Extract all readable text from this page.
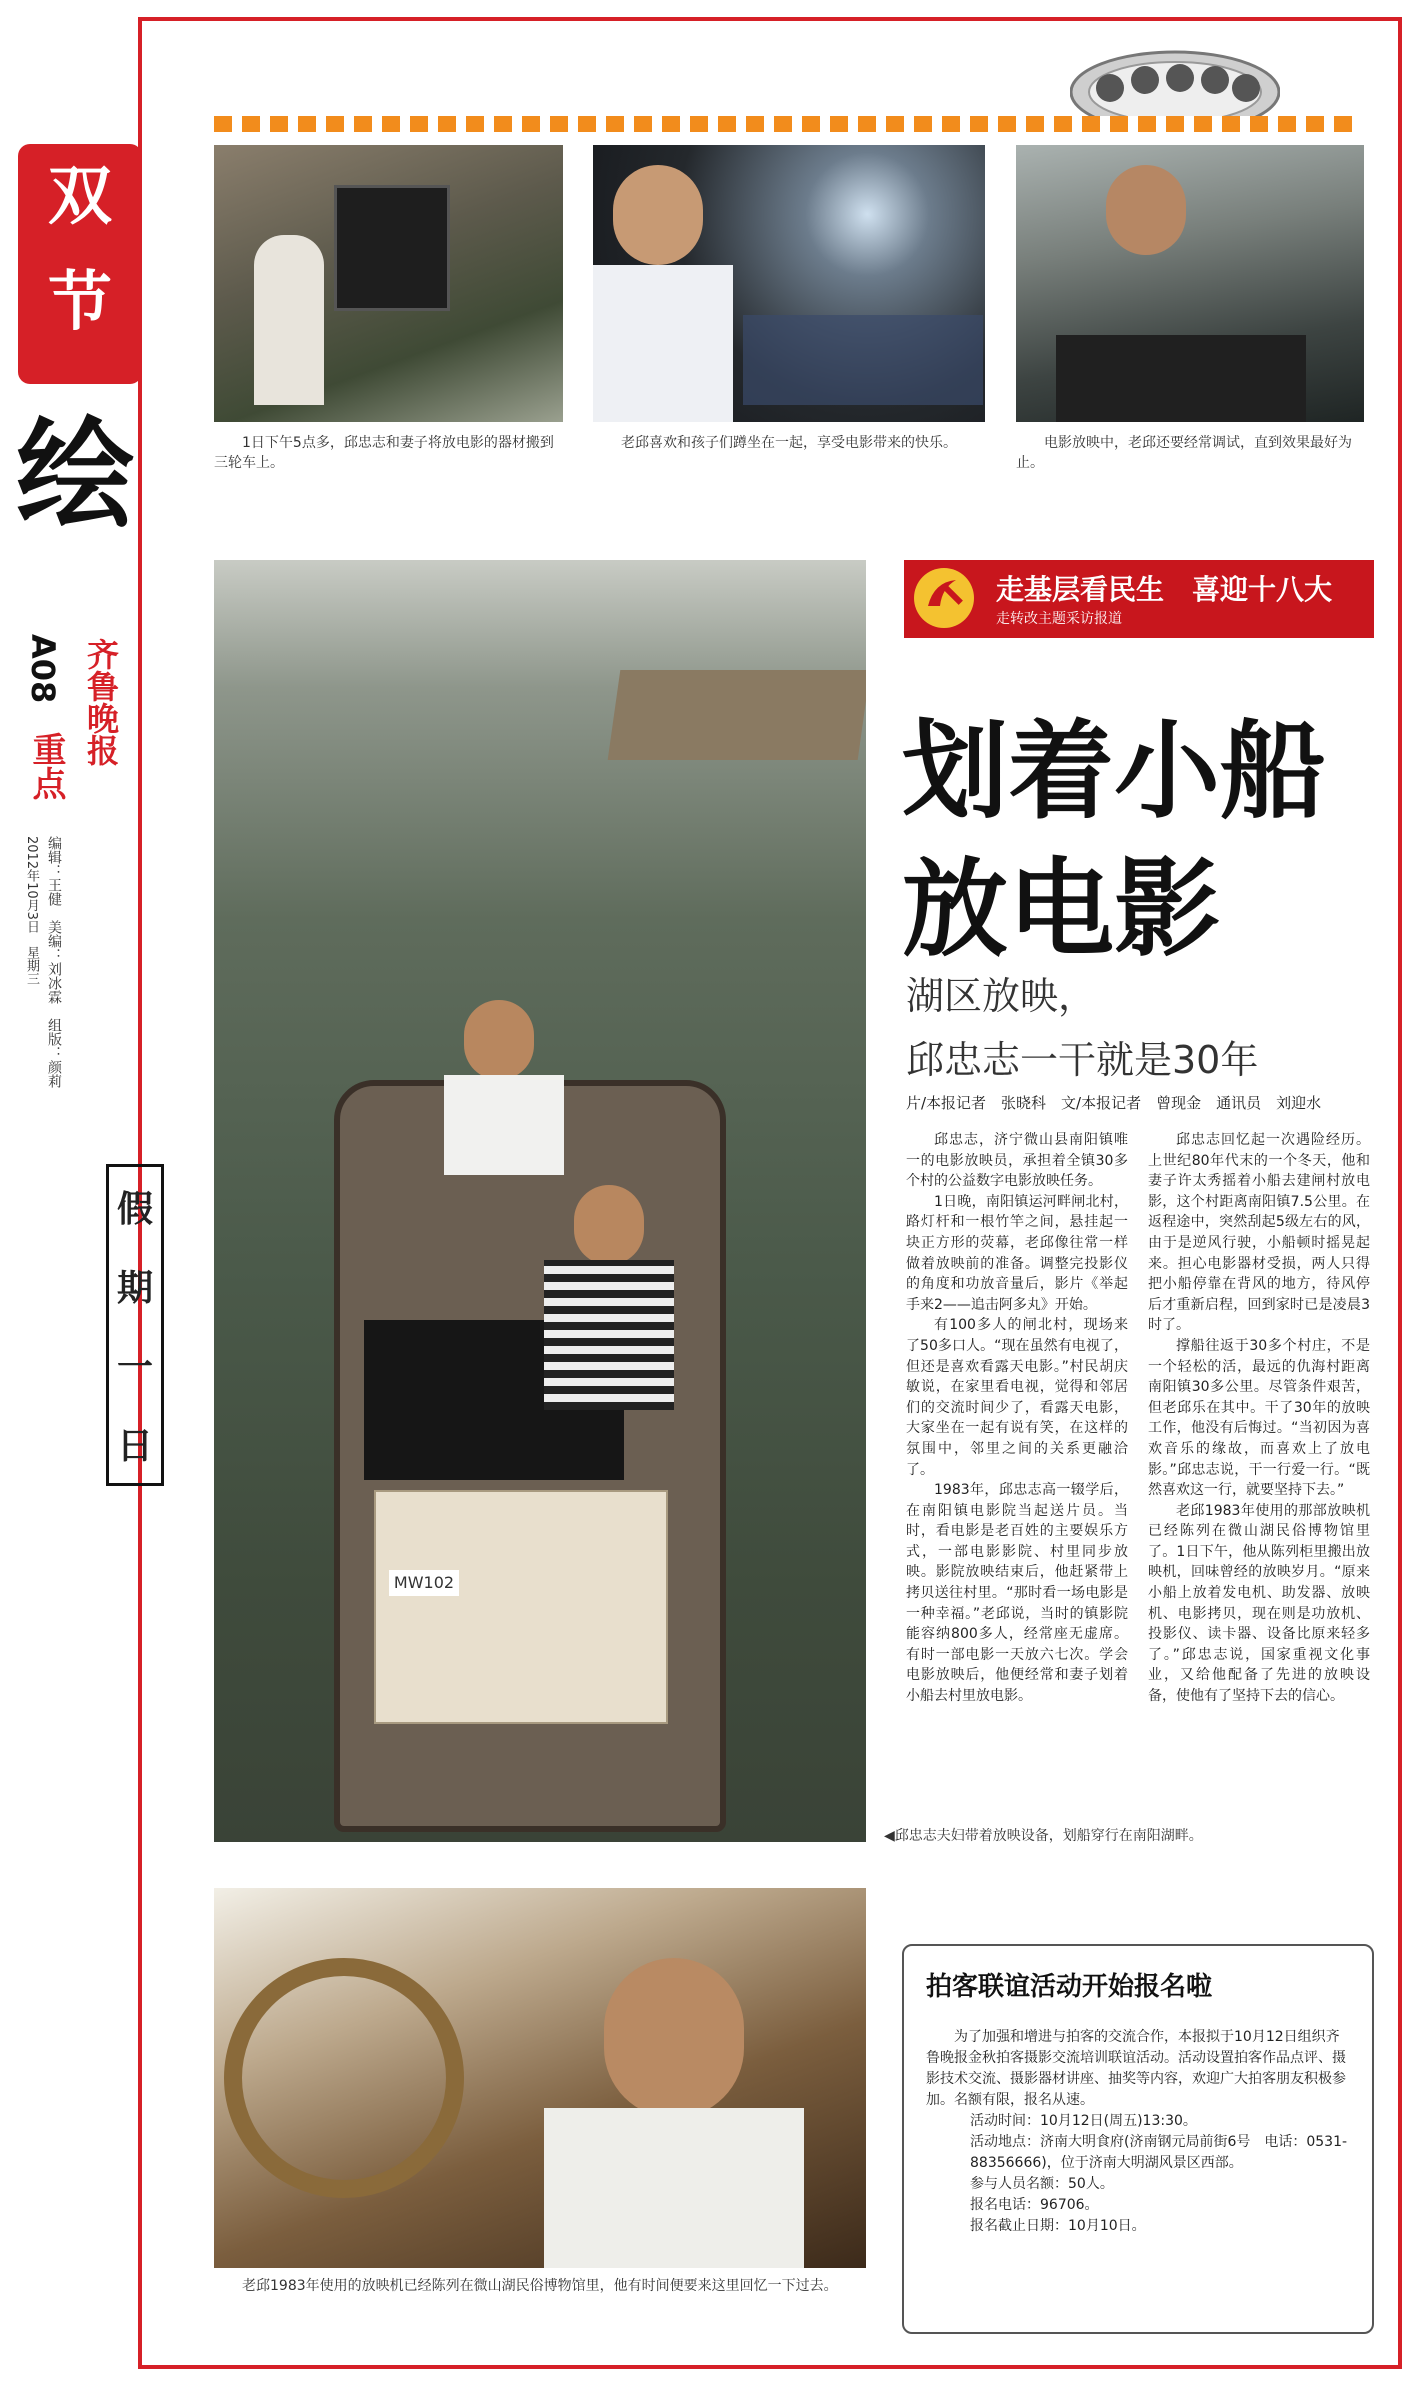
双
节
绘
A08
重点 齐鲁晚报
编辑：王健　美编：刘冰霖　组版：颜莉
2012年10月3日　星期三
假
期
一
日
1日下午5点多，邱忠志和妻子将放电影的器材搬到三轮车上。
老邱喜欢和孩子们蹲坐在一起，享受电影带来的快乐。	电影放映中，老邱还要经常调试，直到效果最好为止。
MW102
◀邱忠志夫妇带着放映设备，划船穿行在南阳湖畔。
走基层看民生　喜迎十八大
走转改主题采访报道
划着小船
放电影
湖区放映，
邱忠志一干就是30年
片/本报记者　张晓科　文/本报记者　曾现金　通讯员　刘迎水

邱忠志，济宁微山县南阳镇唯一的电影放映员，承担着全镇30多个村的公益数字电影放映任务。

1日晚，南阳镇运河畔闸北村，路灯杆和一根竹竿之间，悬挂起一块正方形的荧幕，老邱像往常一样做着放映前的准备。调整完投影仪的角度和功放音量后，影片《举起手来2——追击阿多丸》开始。

有100多人的闸北村，现场来了50多口人。“现在虽然有电视了，但还是喜欢看露天电影。”村民胡庆敏说，在家里看电视，觉得和邻居们的交流时间少了，看露天电影，大家坐在一起有说有笑，在这样的氛围中，邻里之间的关系更融洽了。

1983年，邱忠志高一辍学后，在南阳镇电影院当起送片员。当时，看电影是老百姓的主要娱乐方式，一部电影影院、村里同步放映。影院放映结束后，他赶紧带上拷贝送往村里。“那时看一场电影是一种幸福。”老邱说，当时的镇影院能容纳800多人，经常座无虚席。有时一部电影一天放六七次。学会电影放映后，他便经常和妻子划着小船去村里放电影。

邱忠志回忆起一次遇险经历。上世纪80年代末的一个冬天，他和妻子许太秀摇着小船去建闸村放电影，这个村距离南阳镇7.5公里。在返程途中，突然刮起5级左右的风，由于是逆风行驶，小船顿时摇晃起来。担心电影器材受损，两人只得把小船停靠在背风的地方，待风停后才重新启程，回到家时已是凌晨3时了。

撑船往返于30多个村庄，不是一个轻松的活，最远的仇海村距离南阳镇30多公里。尽管条件艰苦，但老邱乐在其中。干了30年的放映工作，他没有后悔过。“当初因为喜欢音乐的缘故，而喜欢上了放电影。”邱忠志说，干一行爱一行。“既然喜欢这一行，就要坚持下去。”

老邱1983年使用的那部放映机已经陈列在微山湖民俗博物馆里了。1日下午，他从陈列柜里搬出放映机，回味曾经的放映岁月。“原来小船上放着发电机、助发器、放映机、电影拷贝，现在则是功放机、投影仪、读卡器、设备比原来轻多了。”邱忠志说，国家重视文化事业，又给他配备了先进的放映设备，使他有了坚持下去的信心。

老邱1983年使用的放映机已经陈列在微山湖民俗博物馆里，他有时间便要来这里回忆一下过去。
拍客联谊活动开始报名啦

为了加强和增进与拍客的交流合作，本报拟于10月12日组织齐鲁晚报金秋拍客摄影交流培训联谊活动。活动设置拍客作品点评、摄影技术交流、摄影器材讲座、抽奖等内容，欢迎广大拍客朋友积极参加。名额有限，报名从速。

活动时间：10月12日(周五)13:30。

活动地点：济南大明食府(济南钢元局前街6号　电话：0531-88356666)，位于济南大明湖风景区西部。

参与人员名额：50人。

报名电话：96706。

报名截止日期：10月10日。
